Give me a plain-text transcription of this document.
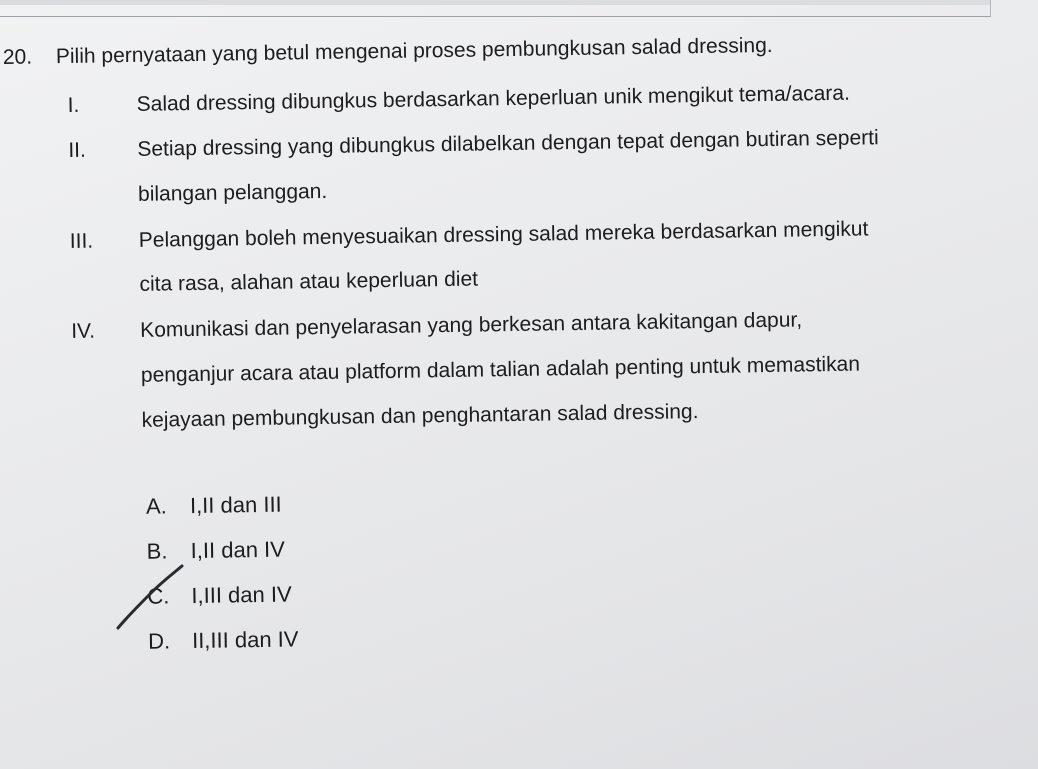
20. Pilih pernyataan yang betul mengenai proses pembungkusan salad dressing.
I.	Salad dressing dibungkus berdasarkan keperluan unik mengikut tema/acara.
II. Setiap dressing yang dibungkus dilabelkan dengan tepat dengan butiran seperti
bilangan pelanggan.
III. Pelanggan boleh menyesuaikan dressing salad mereka berdasarkan mengikut
cita rasa, alahan atau keperluan diet
IV. Komunikasi dan penyelarasan yang berkesan antara kakitangan dapur,
penganjur acara atau platform dalam talian adalah penting untuk memastikan
kejayaan pembungkusan dan penghantaran salad dressing.
A. I,II dan III
B. I,II dan IV
C. I,III dan IV
D. II,III dan IV
